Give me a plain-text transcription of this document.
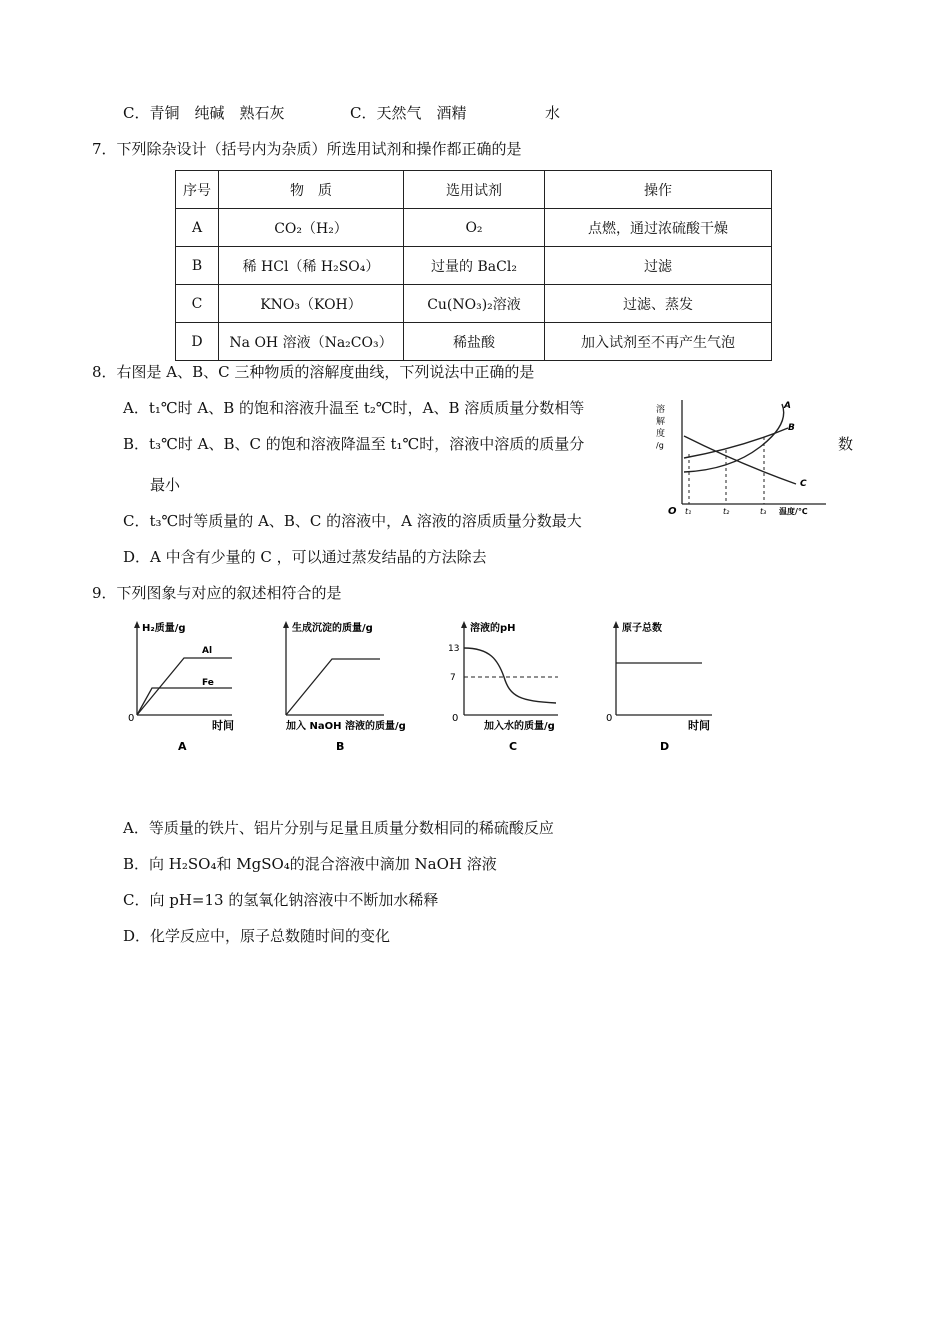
C．青铜　纯碱　熟石灰	C．天然气　酒精	水
7．下列除杂设计（括号内为杂质）所选用试剂和操作都正确的是
序号	物　质	选用试剂	操作
A	CO₂（H₂）	O₂	点燃，通过浓硫酸干燥
B	稀 HCl（稀 H₂SO₄）	过量的 BaCl₂	过滤
C	KNO₃（KOH）	Cu(NO₃)₂溶液	过滤、蒸发
D	Na OH 溶液（Na₂CO₃）	稀盐酸	加入试剂至不再产生气泡
8．右图是 A、B、C 三种物质的溶解度曲线，下列说法中正确的是
A．t₁℃时 A、B 的饱和溶液升温至 t₂℃时，A、B 溶质质量分数相等
B．t₃℃时 A、B、C 的饱和溶液降温至 t₁℃时，溶液中溶质的质量分	数
最小
C．t₃℃时等质量的 A、B、C 的溶液中，A 溶液的溶质质量分数最大
D．A 中含有少量的 C ，可以通过蒸发结晶的方法除去
溶
解
度
/g
O
A
B
C
t₁	t₂	t₃ 温度/℃
9．下列图象与对应的叙述相符合的是
H₂质量/g
Al
Fe
0
时间
A
生成沉淀的质量/g
加入 NaOH 溶液的质量/g
B
溶液的pH
13
7
0
加入水的质量/g
C
原子总数
0
时间
D
A．等质量的铁片、铝片分别与足量且质量分数相同的稀硫酸反应
B．向 H₂SO₄和 MgSO₄的混合溶液中滴加 NaOH 溶液
C．向 pH=13 的氢氧化钠溶液中不断加水稀释
D．化学反应中，原子总数随时间的变化
